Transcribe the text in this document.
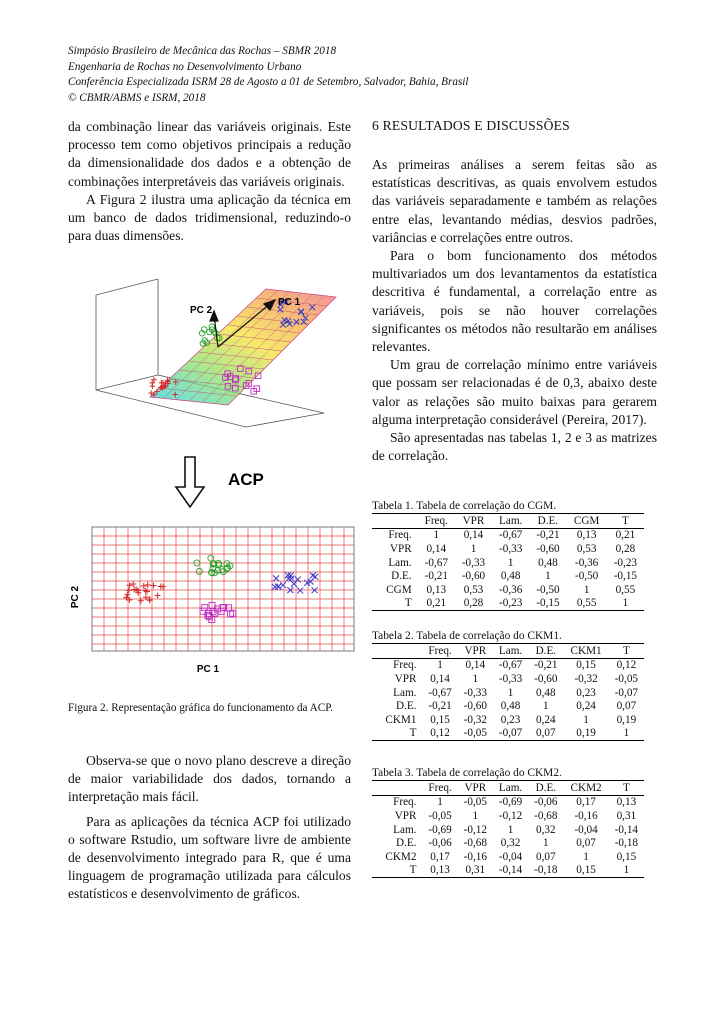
Simpósio Brasileiro de Mecânica das Rochas – SBMR 2018
Engenharia de Rochas no Desenvolvimento Urbano
Conferência Especializada ISRM 28 de Agosto a 01 de Setembro, Salvador, Bahia, Brasil
© CBMR/ABMS e ISRM, 2018

da combinação linear das variáveis originais. Este processo tem como objetivos principais a redução da dimensionalidade dos dados e a obtenção de combinações interpretáveis das variáveis originais.

A Figura 2 ilustra uma aplicação da técnica em um banco de dados tridimensional, reduzindo-o para duas dimensões.

PC 1
PC 2
ACP
PC 2
PC 1
Figura 2. Representação gráfica do funcionamento da ACP.

Observa-se que o novo plano descreve a direção de maior variabilidade dos dados, tornando a interpretação mais fácil.

Para as aplicações da técnica ACP foi utilizado o software Rstudio, um software livre de ambiente de desenvolvimento integrado para R, que é uma linguagem de programação utilizada para cálculos estatísticos e desenvolvimento de gráficos.

6 RESULTADOS E DISCUSSÕES

As primeiras análises a serem feitas são as estatísticas descritivas, as quais envolvem estudos das variáveis separadamente e também as relações entre elas, levantando médias, desvios padrões, variâncias e correlações entre outros.

Para o bom funcionamento dos métodos multivariados um dos levantamentos da estatística descritiva é fundamental, a correlação entre as variáveis, pois se não houver correlações significantes os métodos não resultarão em análises relevantes.

Um grau de correlação mínimo entre variáveis que possam ser relacionadas é de 0,3, abaixo deste valor as relações são muito baixas para gerarem alguma interpretação considerável (Pereira, 2017).

São apresentadas nas tabelas 1, 2 e 3 as matrizes de correlação.

Tabela 1. Tabela de correlação do CGM.
	Freq.	VPR	Lam.	D.E.	CGM	T
Freq.	1	0,14	-0,67	-0,21	0,13	0,21
VPR	0,14	1	-0,33	-0,60	0,53	0,28
Lam.	-0,67	-0,33	1	0,48	-0,36	-0,23
D.E.	-0,21	-0,60	0,48	1	-0,50	-0,15
CGM	0,13	0,53	-0,36	-0,50	1	0,55
T	0,21	0,28	-0,23	-0,15	0,55	1
Tabela 2. Tabela de correlação do CKM1.
	Freq.	VPR	Lam.	D.E.	CKM1	T
Freq.	1	0,14	-0,67	-0,21	0,15	0,12
VPR	0,14	1	-0,33	-0,60	-0,32	-0,05
Lam.	-0,67	-0,33	1	0,48	0,23	-0,07
D.E.	-0,21	-0,60	0,48	1	0,24	0,07
CKM1	0,15	-0,32	0,23	0,24	1	0,19
T	0,12	-0,05	-0,07	0,07	0,19	1
Tabela 3. Tabela de correlação do CKM2.
	Freq.	VPR	Lam.	D.E.	CKM2	T
Freq.	1	-0,05	-0,69	-0,06	0,17	0,13
VPR	-0,05	1	-0,12	-0,68	-0,16	0,31
Lam.	-0,69	-0,12	1	0,32	-0,04	-0,14
D.E.	-0,06	-0,68	0,32	1	0,07	-0,18
CKM2	0,17	-0,16	-0,04	0,07	1	0,15
T	0,13	0,31	-0,14	-0,18	0,15	1
